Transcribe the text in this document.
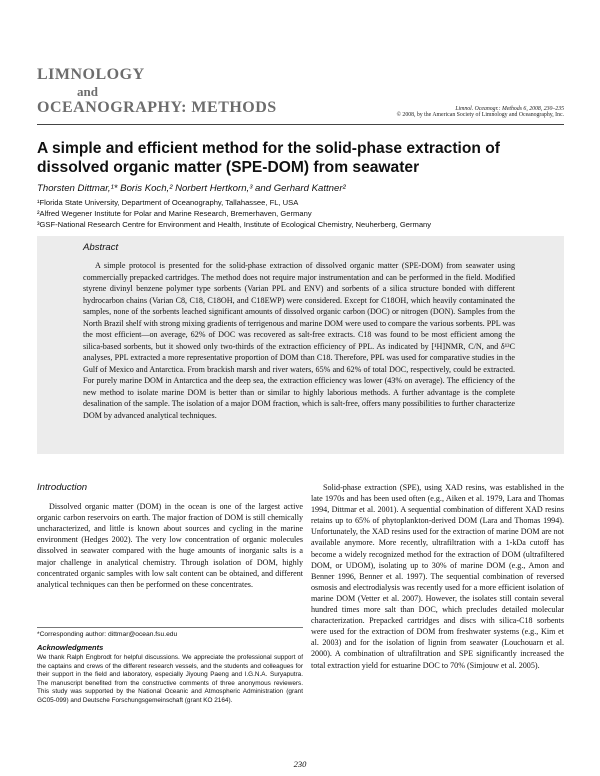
LIMNOLOGY
and
OCEANOGRAPHY: METHODS	Limnol. Oceanogr.: Methods 6, 2008, 230–235
© 2008, by the American Society of Limnology and Oceanography, Inc.
A simple and efficient method for the solid-phase extraction of dissolved organic matter (SPE-DOM) from seawater
Thorsten Dittmar,¹* Boris Koch,² Norbert Hertkorn,³ and Gerhard Kattner²
¹Florida State University, Department of Oceanography, Tallahassee, FL, USA
²Alfred Wegener Institute for Polar and Marine Research, Bremerhaven, Germany
³GSF-National Research Centre for Environment and Health, Institute of Ecological Chemistry, Neuherberg, Germany
Abstract

A simple protocol is presented for the solid-phase extraction of dissolved organic matter (SPE-DOM) from seawater using commercially prepacked cartridges. The method does not require major instrumentation and can be performed in the field. Modified styrene divinyl benzene polymer type sorbents (Varian PPL and ENV) and sorbents of a silica structure bonded with different hydrocarbon chains (Varian C8, C18, C18OH, and C18EWP) were considered. Except for C18OH, which heavily contaminated the samples, none of the sorbents leached significant amounts of dissolved organic carbon (DOC) or nitrogen (DON). Samples from the North Brazil shelf with strong mixing gradients of terrigenous and marine DOM were used to compare the various sorbents. PPL was the most efficient—on average, 62% of DOC was recovered as salt-free extracts. C18 was found to be most efficient among the silica-based sorbents, but it showed only two-thirds of the extraction efficiency of PPL. As indicated by [¹H]NMR, C/N, and δ¹³C analyses, PPL extracted a more representative proportion of DOM than C18. Therefore, PPL was used for comparative studies in the Gulf of Mexico and Antarctica. From brackish marsh and river waters, 65% and 62% of total DOC, respectively, could be extracted. For purely marine DOM in Antarctica and the deep sea, the extraction efficiency was lower (43% on average). The efficiency of the new method to isolate marine DOM is better than or similar to highly laborious methods. A further advantage is the complete desalination of the sample. The isolation of a major DOM fraction, which is salt-free, offers many possibilities to further characterize DOM by advanced analytical techniques.

Introduction

Dissolved organic matter (DOM) in the ocean is one of the largest active organic carbon reservoirs on earth. The major fraction of DOM is still chemically uncharacterized, and little is known about sources and cycling in the marine environment (Hedges 2002). The very low concentration of organic molecules dissolved in seawater compared with the huge amounts of inorganic salts is a major challenge in analytical chemistry. Through isolation of DOM, highly concentrated organic samples with low salt content can be obtained, and different analytical techniques can then be performed on these concentrates.

Solid-phase extraction (SPE), using XAD resins, was established in the late 1970s and has been used often (e.g., Aiken et al. 1979, Lara and Thomas 1994, Dittmar et al. 2001). A sequential combination of different XAD resins retains up to 65% of phytoplankton-derived DOM (Lara and Thomas 1994). Unfortunately, the XAD resins used for the extraction of marine DOM are not available anymore. More recently, ultrafiltration with a 1-kDa cutoff has become a widely recognized method for the extraction of DOM (ultrafiltered DOM, or UDOM), isolating up to 30% of marine DOM (e.g., Amon and Benner 1996, Benner et al. 1997). The sequential combination of reversed osmosis and electrodialysis was recently used for a more efficient isolation of marine DOM (Vetter et al. 2007). However, the isolates still contain several hundred times more salt than DOC, which precludes detailed molecular characterization. Prepacked cartridges and discs with silica-C18 sorbents were used for the extraction of DOM from freshwater systems (e.g., Kim et al. 2003) and for the isolation of lignin from seawater (Louchouarn et al. 2000). A combination of ultrafiltration and SPE significantly increased the total extraction yield for estuarine DOC to 70% (Simjouw et al. 2005).

*Corresponding author: dittmar@ocean.fsu.edu
Acknowledgments
We thank Ralph Engbrodt for helpful discussions. We appreciate the professional support of the captains and crews of the different research vessels, and the students and colleagues for their support in the field and laboratory, especially Jiyoung Paeng and I.G.N.A. Suryaputra. The manuscript benefited from the constructive comments of three anonymous reviewers. This study was supported by the National Oceanic and Atmospheric Administration (grant GC05-099) and Deutsche Forschungsgemeinschaft (grant KO 2164).
230
